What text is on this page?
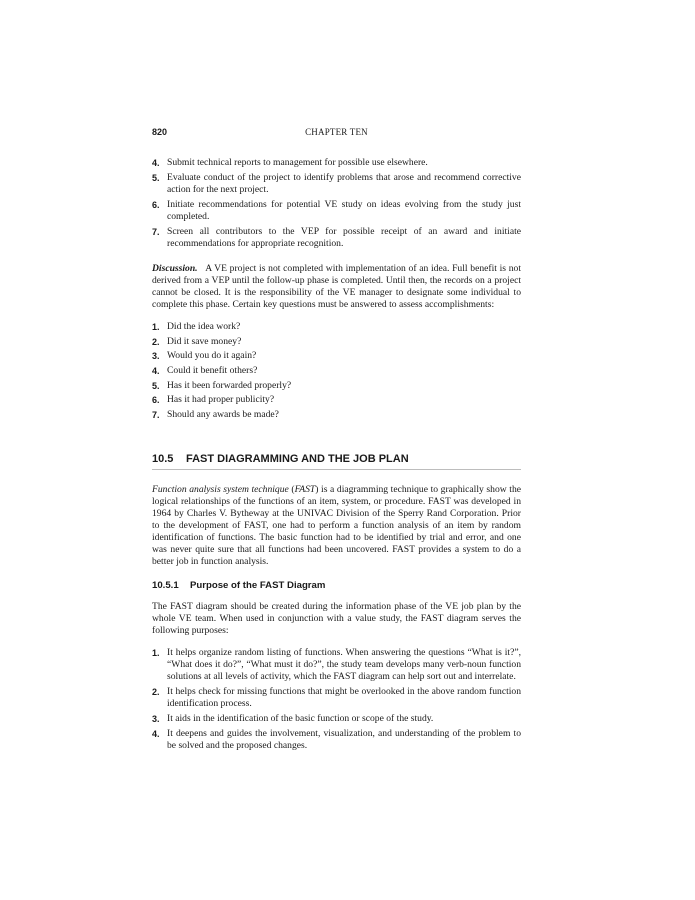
820	CHAPTER TEN
4. Submit technical reports to management for possible use elsewhere.
5. Evaluate conduct of the project to identify problems that arose and recommend corrective action for the next project.
6. Initiate recommendations for potential VE study on ideas evolving from the study just completed.
7. Screen all contributors to the VEP for possible receipt of an award and initiate recommendations for appropriate recognition.

Discussion. A VE project is not completed with implementation of an idea. Full benefit is not derived from a VEP until the follow-up phase is completed. Until then, the records on a project cannot be closed. It is the responsibility of the VE manager to designate some individual to complete this phase. Certain key questions must be answered to assess accomplishments:

1. Did the idea work?
2. Did it save money?
3. Would you do it again?
4. Could it benefit others?
5. Has it been forwarded properly?
6. Has it had proper publicity?
7. Should any awards be made?
10.5 FAST DIAGRAMMING AND THE JOB PLAN

Function analysis system technique (FAST) is a diagramming technique to graphically show the logical relationships of the functions of an item, system, or procedure. FAST was developed in 1964 by Charles V. Bytheway at the UNIVAC Division of the Sperry Rand Corporation. Prior to the development of FAST, one had to perform a function analysis of an item by random identification of functions. The basic function had to be identified by trial and error, and one was never quite sure that all functions had been uncovered. FAST provides a system to do a better job in function analysis.

10.5.1 Purpose of the FAST Diagram

The FAST diagram should be created during the information phase of the VE job plan by the whole VE team. When used in conjunction with a value study, the FAST diagram serves the following purposes:

1. It helps organize random listing of functions. When answering the questions “What is it?”, “What does it do?”, “What must it do?”, the study team develops many verb-noun function solutions at all levels of activity, which the FAST diagram can help sort out and interrelate.
2. It helps check for missing functions that might be overlooked in the above random function identification process.
3. It aids in the identification of the basic function or scope of the study.
4. It deepens and guides the involvement, visualization, and understanding of the problem to be solved and the proposed changes.
